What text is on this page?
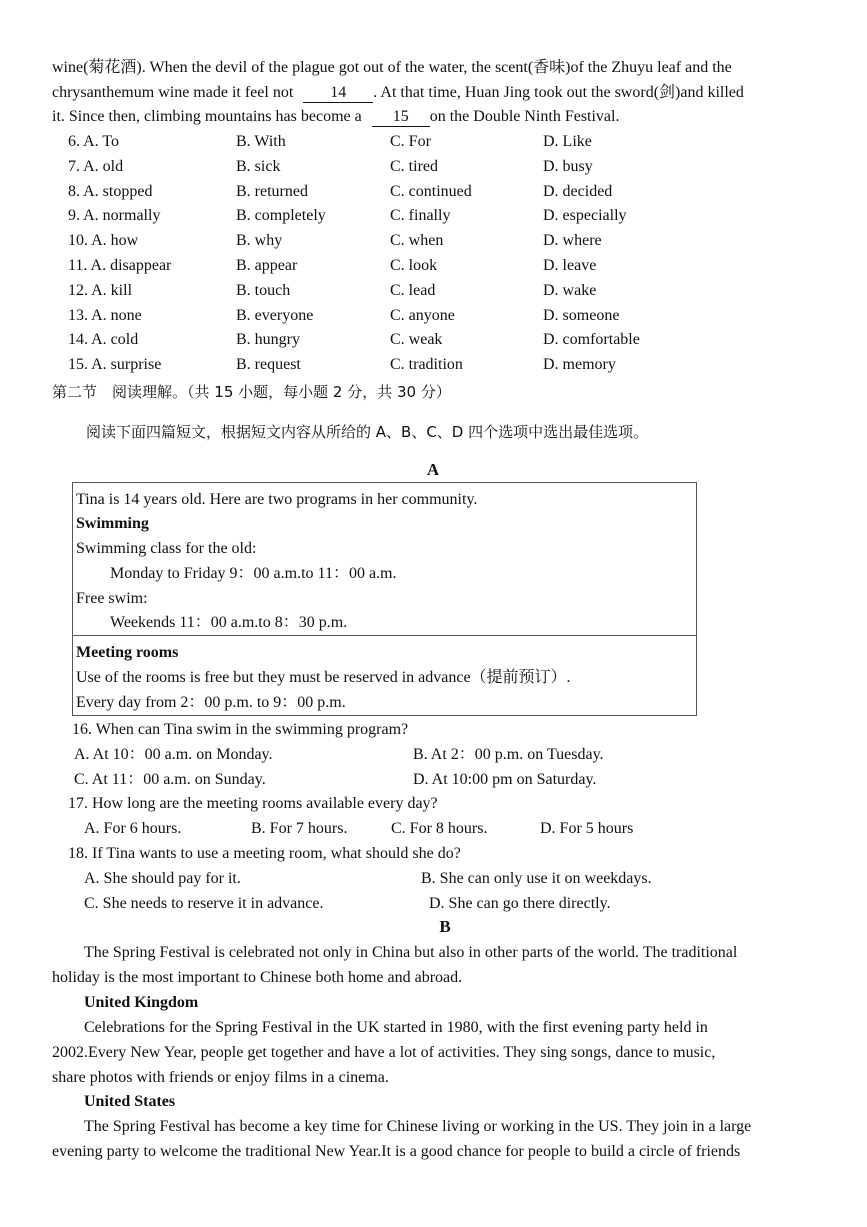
wine(菊花酒). When the devil of the plague got out of the water, the scent(香味)of the Zhuyu leaf and the
chrysanthemum wine made it feel not 14 . At that time, Huan Jing took out the sword(剑)and killed
it. Since then, climbing mountains has become a 15 on the Double Ninth Festival.
6. A. To	B. With	C. For	D. Like
7. A. old	B. sick	C. tired	D. busy
8. A. stopped	B. returned	C. continued	D. decided
9. A. normally	B. completely	C. finally	D. especially
10. A. how	B. why	C. when	D. where
11. A. disappear	B. appear	C. look	D. leave
12. A. kill	B. touch	C. lead	D. wake
13. A. none	B. everyone	C. anyone	D. someone
14. A. cold	B. hungry	C. weak	D. comfortable
15. A. surprise	B. request	C. tradition	D. memory
第二节　阅读理解。（共 15 小题，每小题 2 分，共 30 分）
阅读下面四篇短文，根据短文内容从所给的 A、B、C、D 四个选项中选出最佳选项。
A
Tina is 14 years old. Here are two programs in her community.
Swimming
Swimming class for the old:
Monday to Friday 9：00 a.m.to 11：00 a.m.
Free swim:
Weekends 11：00 a.m.to 8：30 p.m.
Meeting rooms
Use of the rooms is free but they must be reserved in advance（提前预订）.
Every day from 2：00 p.m. to 9：00 p.m.
16. When can Tina swim in the swimming program?
A. At 10：00 a.m. on Monday.	B. At 2：00 p.m. on Tuesday.
C. At 11：00 a.m. on Sunday.	D. At 10:00 pm on Saturday.
17. How long are the meeting rooms available every day?
A. For 6 hours.	B. For 7 hours.	C. For 8 hours.	D. For 5 hours
18. If Tina wants to use a meeting room, what should she do?
A. She should pay for it.	B. She can only use it on weekdays.
C. She needs to reserve it in advance.	D. She can go there directly.
B
The Spring Festival is celebrated not only in China but also in other parts of the world. The traditional
holiday is the most important to Chinese both home and abroad.
United Kingdom
Celebrations for the Spring Festival in the UK started in 1980, with the first evening party held in
2002.Every New Year, people get together and have a lot of activities. They sing songs, dance to music,
share photos with friends or enjoy films in a cinema.
United States
The Spring Festival has become a key time for Chinese living or working in the US. They join in a large
evening party to welcome the traditional New Year.It is a good chance for people to build a circle of friends
